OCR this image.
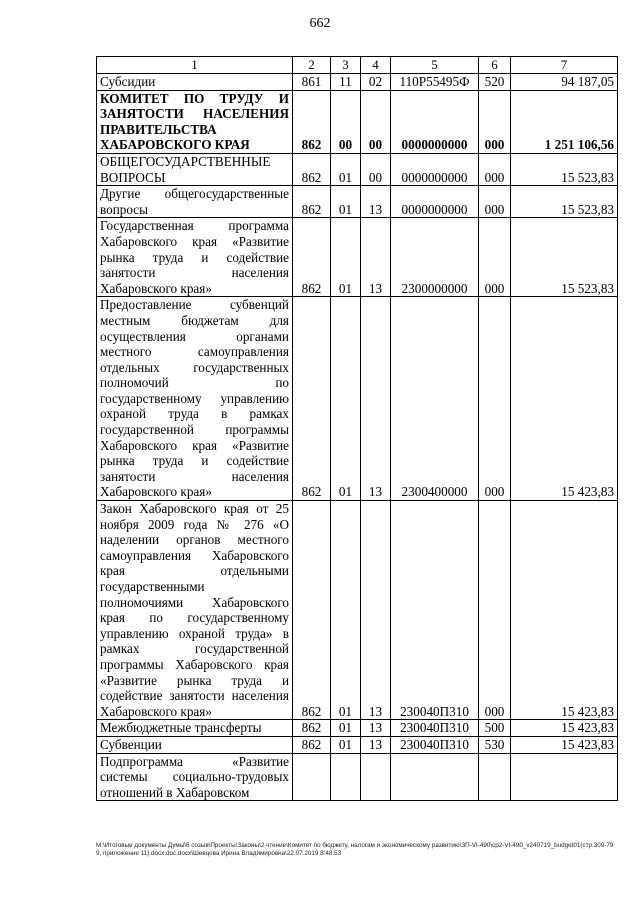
662
1	2	3	4	5	6	7
Субсидии	861	11	02	110P55495Ф	520	94 187,05
КОМИТЕТ ПО ТРУДУ И ЗАНЯТОСТИ НАСЕЛЕНИЯ ПРАВИТЕЛЬСТВА ХАБАРОВСКОГО КРАЯ	862	00	00	0000000000	000	1 251 106,56
ОБЩЕГОСУДАРСТВЕННЫЕ ВОПРОСЫ	862	01	00	0000000000	000	15 523,83
Другие общегосударственные вопросы	862	01	13	0000000000	000	15 523,83
Государственная программа Хабаровского края «Развитие рынка труда и содействие занятости населения Хабаровского края»	862	01	13	2300000000	000	15 523,83
Предоставление субвенций местным бюджетам для осуществления органами местного самоуправления отдельных государственных полномочий по государственному управлению охраной труда в рамках государственной программы Хабаровского края «Развитие рынка труда и содействие занятости населения Хабаровского края»	862	01	13	2300400000	000	15 423,83
Закон Хабаровского края от 25 ноября 2009 года № 276 «О наделении органов местного самоуправления Хабаровского края отдельными государственными полномочиями Хабаровского края по государственному управлению охраной труда» в рамках государственной программы Хабаровского края «Развитие рынка труда и содействие занятости населения Хабаровского края»	862	01	13	230040П310	000	15 423,83
Межбюджетные трансферты	862	01	13	230040П310	500	15 423,83
Субвенции	862	01	13	230040П310	530	15 423,83
Подпрограмма «Развитие системы социально-трудовых отношений в Хабаровском						
M:\Итоговые документы Думы\6 созыв\Проекты\Законы\2 чтение\Комитет по бюджету, налогам и экономическому развитию\ЗП-VI-490\ср2-VI-490_v240719_budget01(стр.309-799, приложение 11).docx.doc.docx\Шевцова Ирина Владимировна\22.07.2019 8:48:53
